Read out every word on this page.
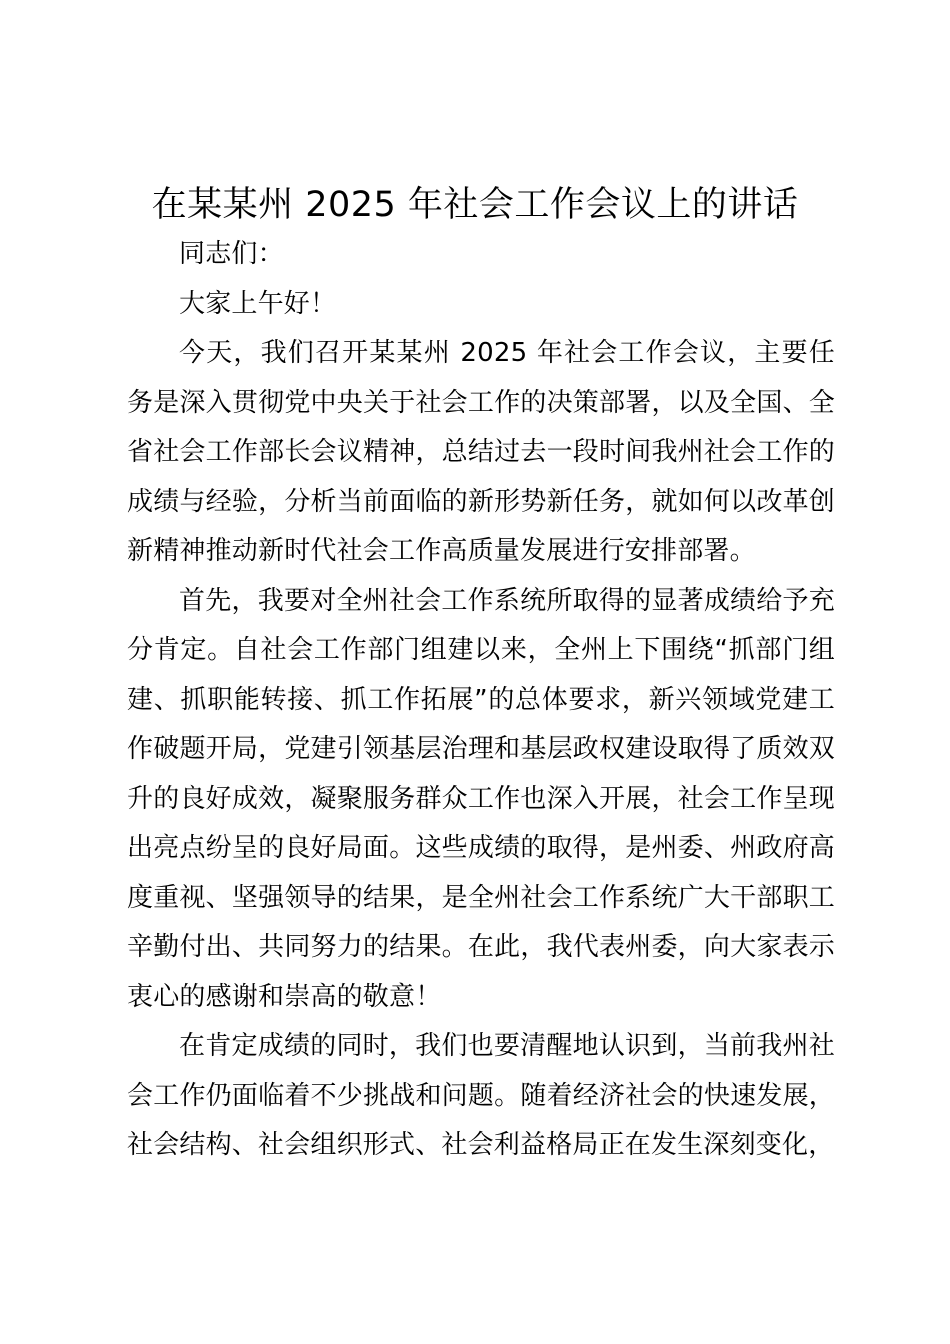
在某某州 2025 年社会工作会议上的讲话

同志们：

大家上午好！

今天，我们召开某某州 2025 年社会工作会议，主要任务是深入贯彻党中央关于社会工作的决策部署，以及全国、全省社会工作部长会议精神，总结过去一段时间我州社会工作的成绩与经验，分析当前面临的新形势新任务，就如何以改革创新精神推动新时代社会工作高质量发展进行安排部署。

首先，我要对全州社会工作系统所取得的显著成绩给予充分肯定。自社会工作部门组建以来，全州上下围绕“抓部门组建、抓职能转接、抓工作拓展”的总体要求，新兴领域党建工作破题开局，党建引领基层治理和基层政权建设取得了质效双升的良好成效，凝聚服务群众工作也深入开展，社会工作呈现出亮点纷呈的良好局面。这些成绩的取得，是州委、州政府高度重视、坚强领导的结果，是全州社会工作系统广大干部职工辛勤付出、共同努力的结果。在此，我代表州委，向大家表示衷心的感谢和崇高的敬意！

在肯定成绩的同时，我们也要清醒地认识到，当前我州社会工作仍面临着不少挑战和问题。随着经济社会的快速发展，社会结构、社会组织形式、社会利益格局正在发生深刻变化，
